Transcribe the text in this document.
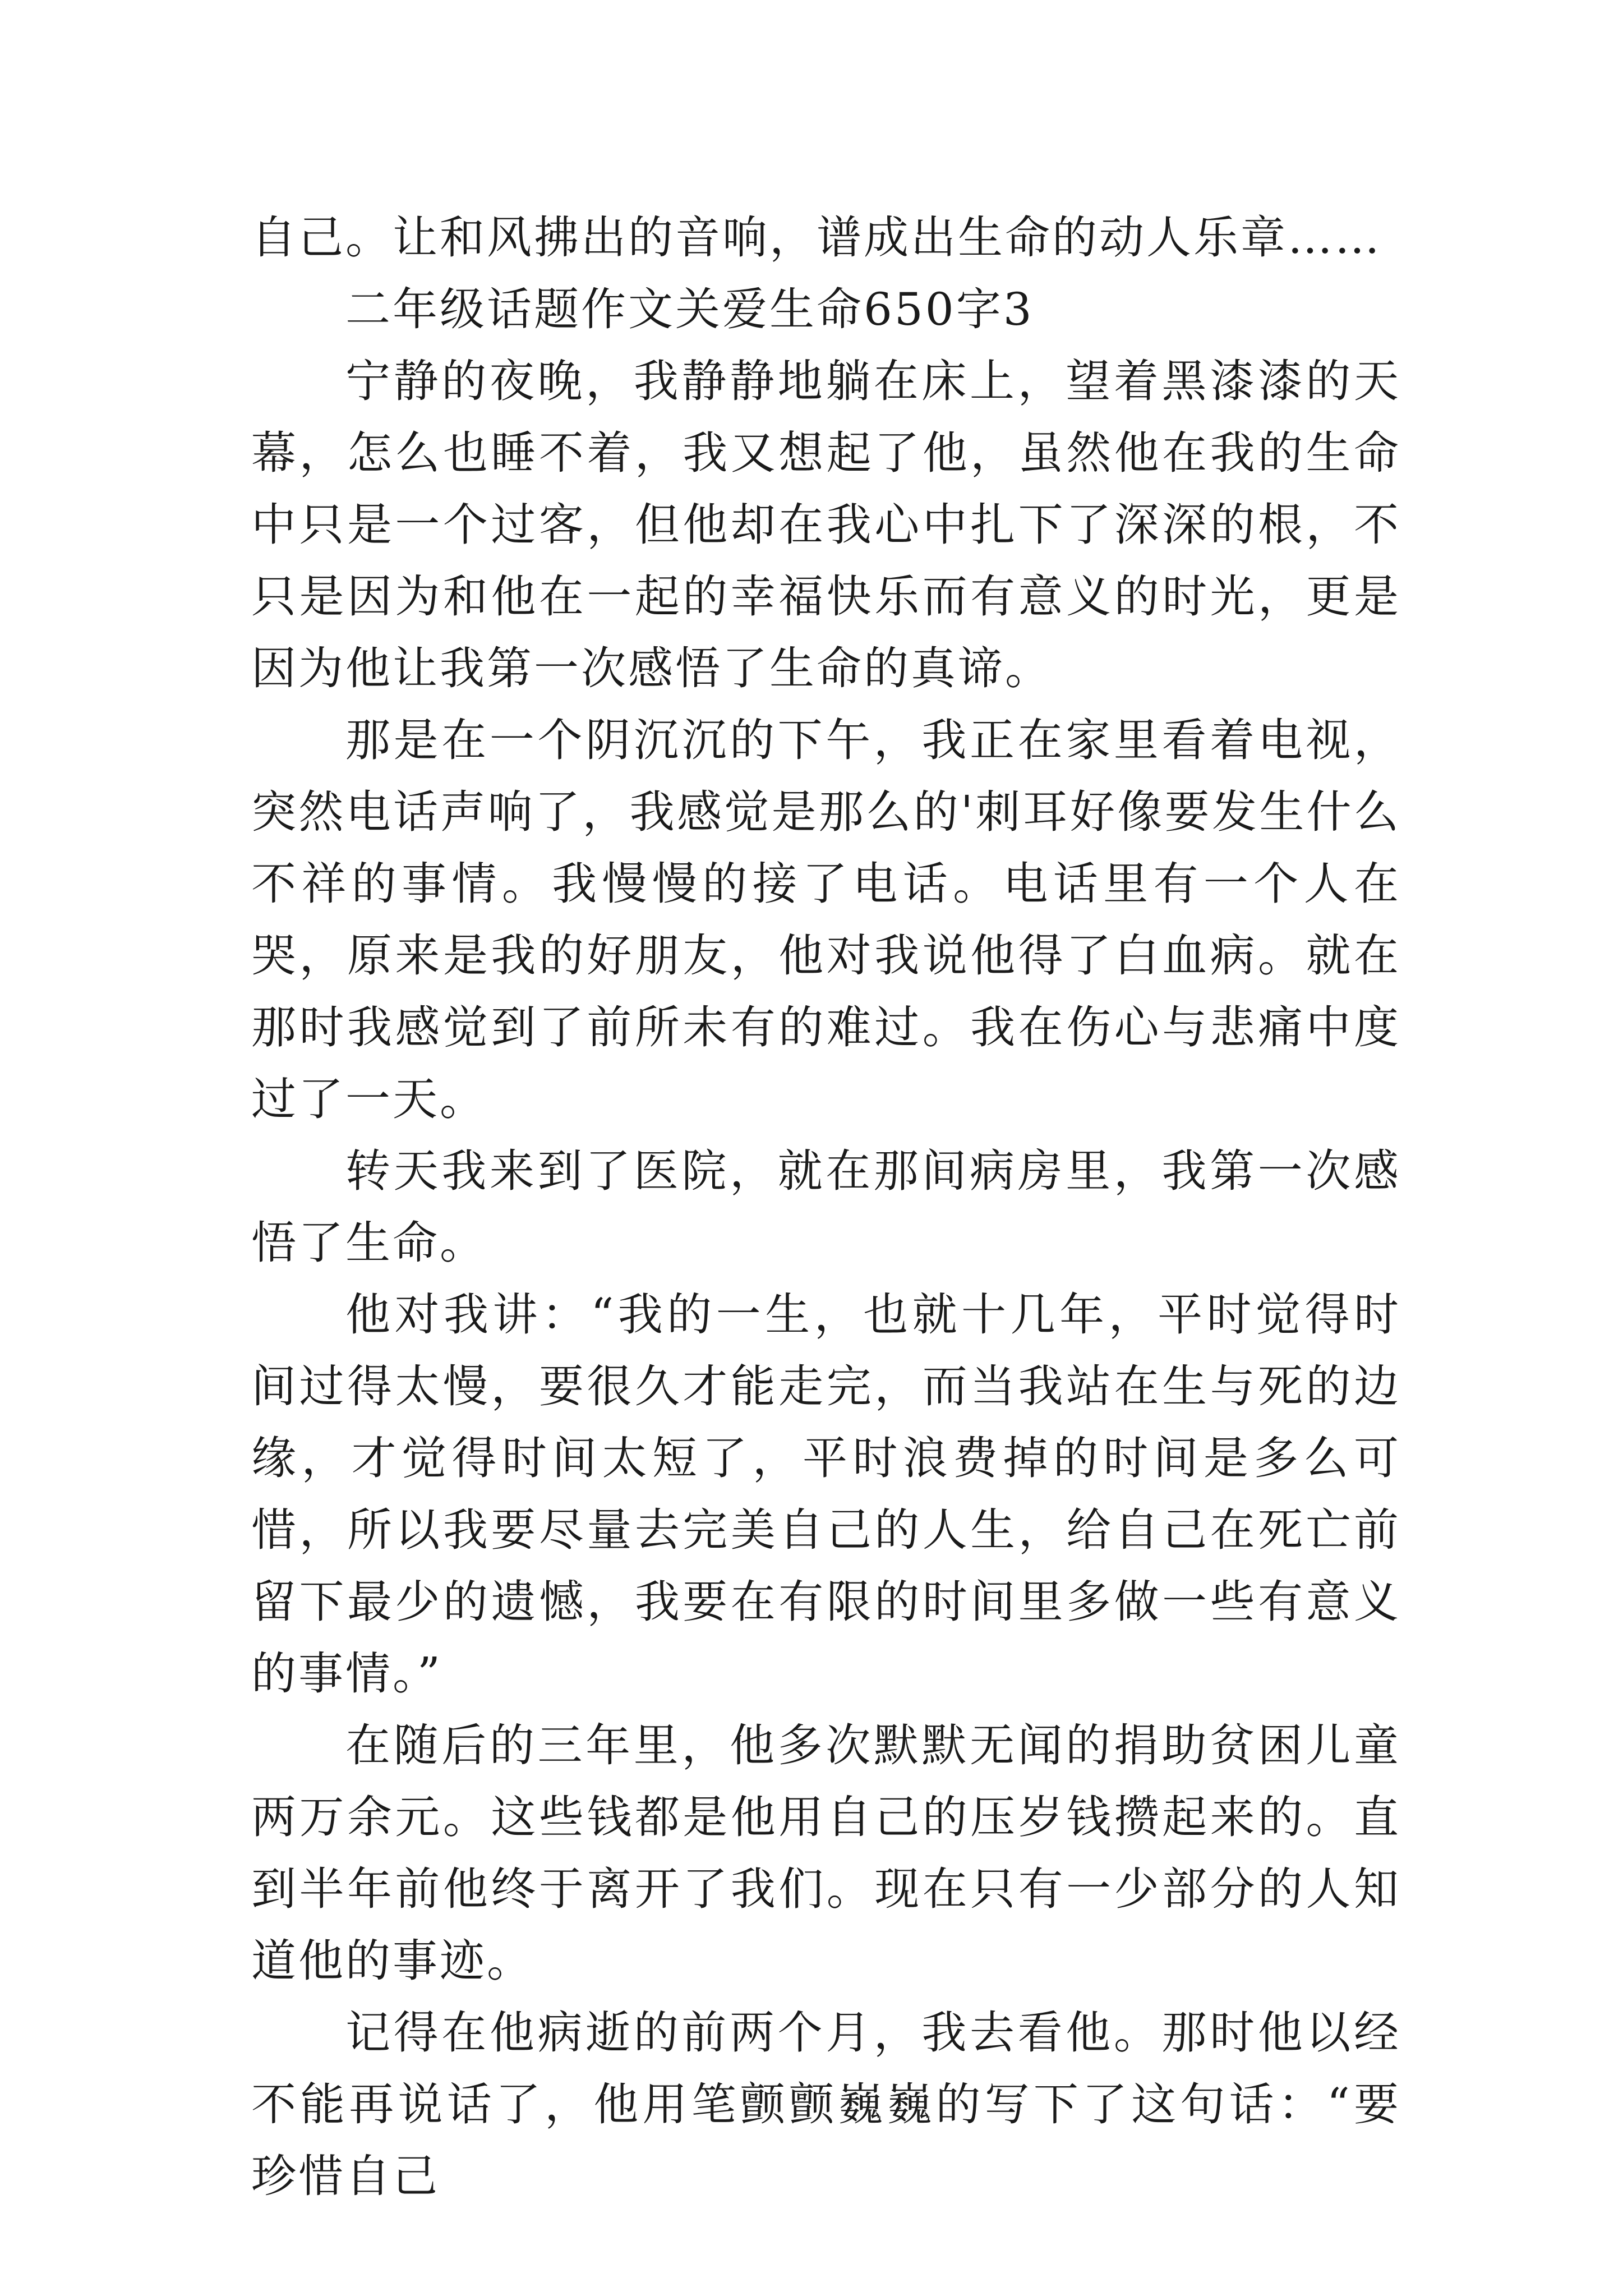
自己。让和风拂出的音响，谱成出生命的动人乐章……

二年级话题作文关爱生命650字3

宁静的夜晚，我静静地躺在床上，望着黑漆漆的天幕，怎么也睡不着，我又想起了他，虽然他在我的生命中只是一个过客，但他却在我心中扎下了深深的根，不只是因为和他在一起的幸福快乐而有意义的时光，更是因为他让我第一次感悟了生命的真谛。

那是在一个阴沉沉的下午，我正在家里看着电视，突然电话声响了，我感觉是那么的'刺耳好像要发生什么不祥的事情。我慢慢的接了电话。电话里有一个人在哭，原来是我的好朋友，他对我说他得了白血病。就在那时我感觉到了前所未有的难过。我在伤心与悲痛中度过了一天。

转天我来到了医院，就在那间病房里，我第一次感悟了生命。

他对我讲：“我的一生，也就十几年，平时觉得时间过得太慢，要很久才能走完，而当我站在生与死的边缘，才觉得时间太短了，平时浪费掉的时间是多么可惜，所以我要尽量去完美自己的人生，给自己在死亡前留下最少的遗憾，我要在有限的时间里多做一些有意义的事情。”

在随后的三年里，他多次默默无闻的捐助贫困儿童两万余元。这些钱都是他用自己的压岁钱攒起来的。直到半年前他终于离开了我们。现在只有一少部分的人知道他的事迹。

记得在他病逝的前两个月，我去看他。那时他以经不能再说话了，他用笔颤颤巍巍的写下了这句话：“要珍惜自己
